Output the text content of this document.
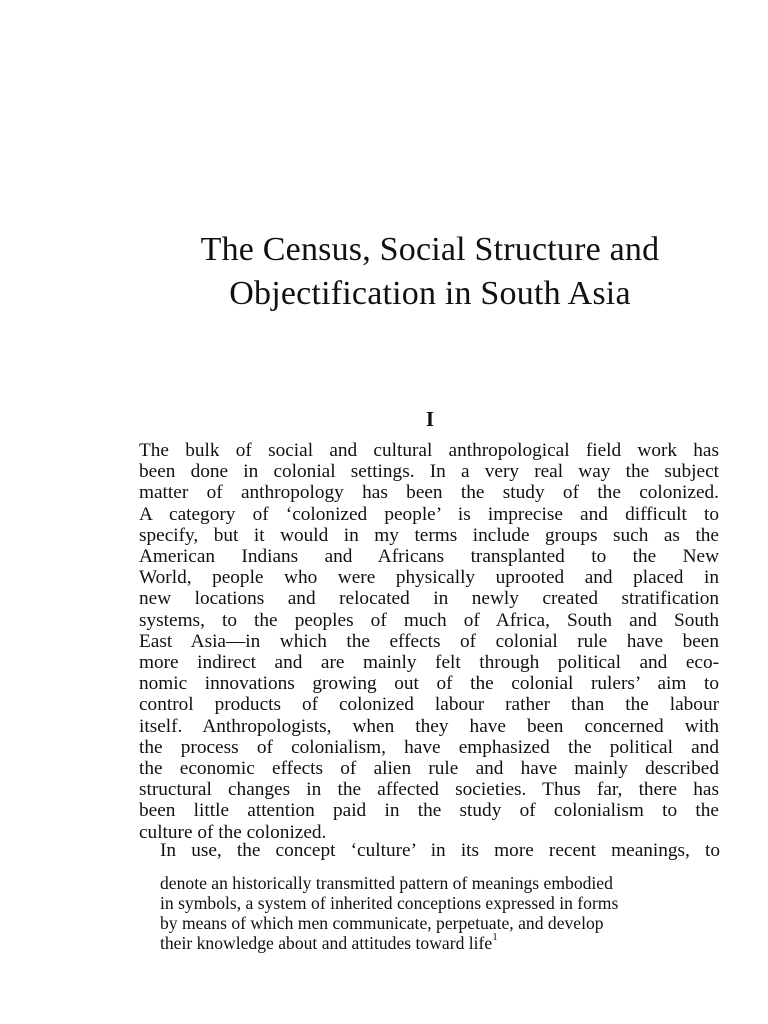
The Census, Social Structure and
Objectification in South Asia
I
The bulk of social and cultural anthropological field work has
been done in colonial settings. In a very real way the subject
matter of anthropology has been the study of the colonized.
A category of ‘colonized people’ is imprecise and difficult to
specify, but it would in my terms include groups such as the
American Indians and Africans transplanted to the New
World, people who were physically uprooted and placed in
new locations and relocated in newly created stratification
systems, to the peoples of much of Africa, South and South
East Asia—in which the effects of colonial rule have been
more indirect and are mainly felt through political and eco-
nomic innovations growing out of the colonial rulers’ aim to
control products of colonized labour rather than the labour
itself. Anthropologists, when they have been concerned with
the process of colonialism, have emphasized the political and
the economic effects of alien rule and have mainly described
structural changes in the affected societies. Thus far, there has
been little attention paid in the study of colonialism to the
culture of the colonized.
In use, the concept ‘culture’ in its more recent meanings, to
denote an historically transmitted pattern of meanings embodied
in symbols, a system of inherited conceptions expressed in forms
by means of which men communicate, perpetuate, and develop
their knowledge about and attitudes toward life$^1$
